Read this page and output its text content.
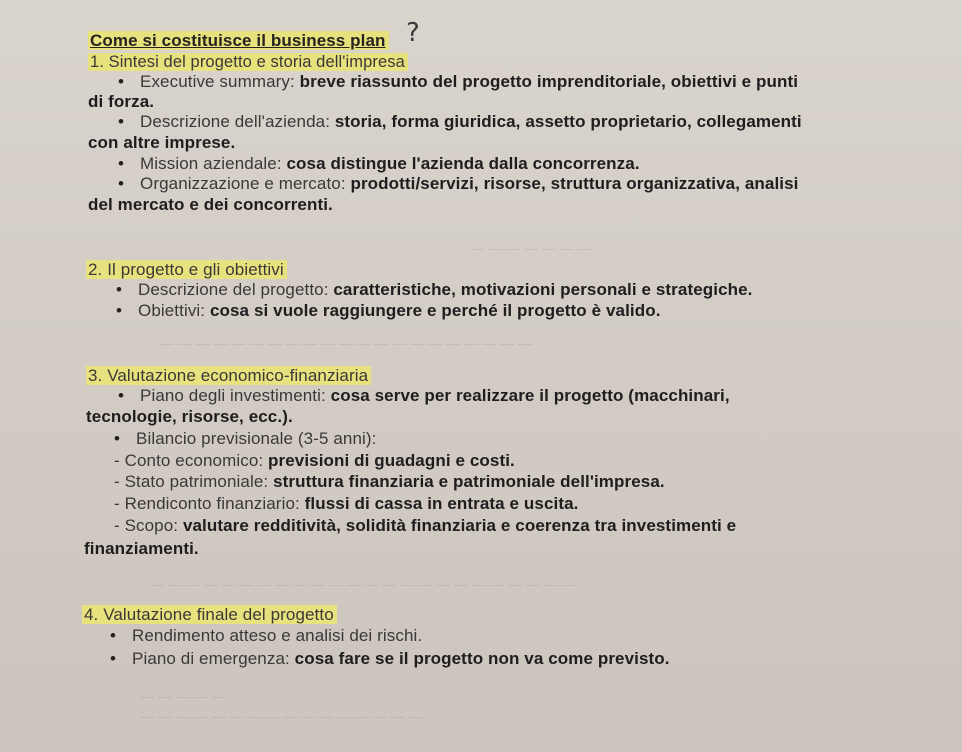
— — — — — — —
— — — — — — — — — — — — — — — — — — — — —
— — — — — — — — — — — — — — — — — — — — — — — —
— — — — —
— — — — — — — — — — — — — — — —
Come si costituisce il business plan ?
1. Sintesi del progetto e storia dell'impresa
• Executive summary: breve riassunto del progetto imprenditoriale, obiettivi e punti
di forza.
• Descrizione dell'azienda: storia, forma giuridica, assetto proprietario, collegamenti
con altre imprese.
• Mission aziendale: cosa distingue l'azienda dalla concorrenza.
• Organizzazione e mercato: prodotti/servizi, risorse, struttura organizzativa, analisi
del mercato e dei concorrenti.
2. Il progetto e gli obiettivi
• Descrizione del progetto: caratteristiche, motivazioni personali e strategiche.
• Obiettivi: cosa si vuole raggiungere e perché il progetto è valido.
3. Valutazione economico-finanziaria
• Piano degli investimenti: cosa serve per realizzare il progetto (macchinari,
tecnologie, risorse, ecc.).
• Bilancio previsionale (3-5 anni):
- Conto economico: previsioni di guadagni e costi.
- Stato patrimoniale: struttura finanziaria e patrimoniale dell'impresa.
- Rendiconto finanziario: flussi di cassa in entrata e uscita.
- Scopo: valutare redditività, solidità finanziaria e coerenza tra investimenti e
finanziamenti.
4. Valutazione finale del progetto
• Rendimento atteso e analisi dei rischi.
• Piano di emergenza: cosa fare se il progetto non va come previsto.
